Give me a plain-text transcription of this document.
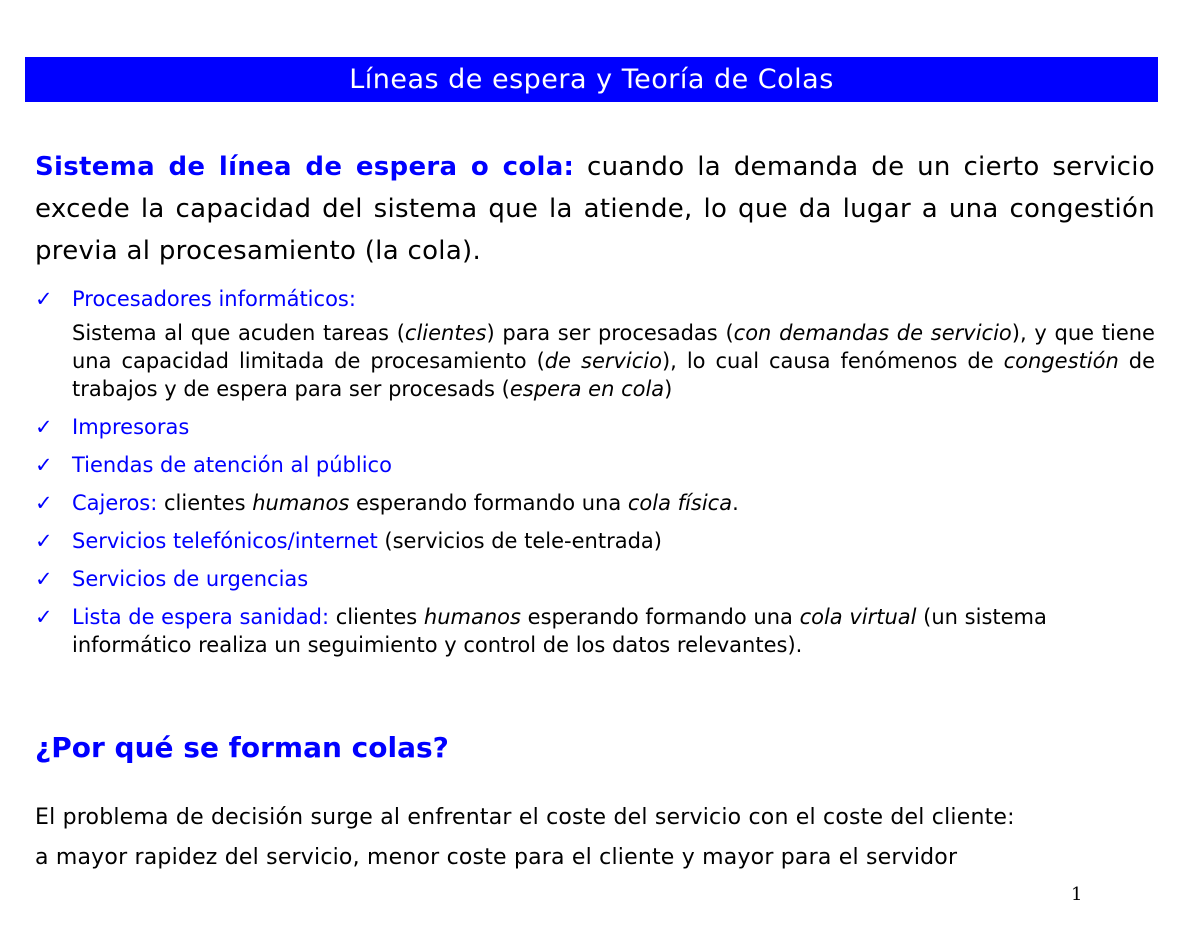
Líneas de espera y Teoría de Colas
Sistema de línea de espera o cola: cuando la demanda de un cierto servicio excede la capacidad del sistema que la atiende, lo que da lugar a una congestión previa al procesamiento (la cola).
✓ Procesadores informáticos:
Sistema al que acuden tareas (clientes) para ser procesadas (con demandas de servicio), y que tiene una capacidad limitada de procesamiento (de servicio), lo cual causa fenómenos de congestión de trabajos y de espera para ser procesads (espera en cola)
✓ Impresoras
✓ Tiendas de atención al público
✓ Cajeros: clientes humanos esperando formando una cola física.
✓ Servicios telefónicos/internet (servicios de tele-entrada)
✓ Servicios de urgencias
✓ Lista de espera sanidad: clientes humanos esperando formando una cola virtual (un sistema informático realiza un seguimiento y control de los datos relevantes).
¿Por qué se forman colas?
El problema de decisión surge al enfrentar el coste del servicio con el coste del cliente:
a mayor rapidez del servicio, menor coste para el cliente y mayor para el servidor
1
